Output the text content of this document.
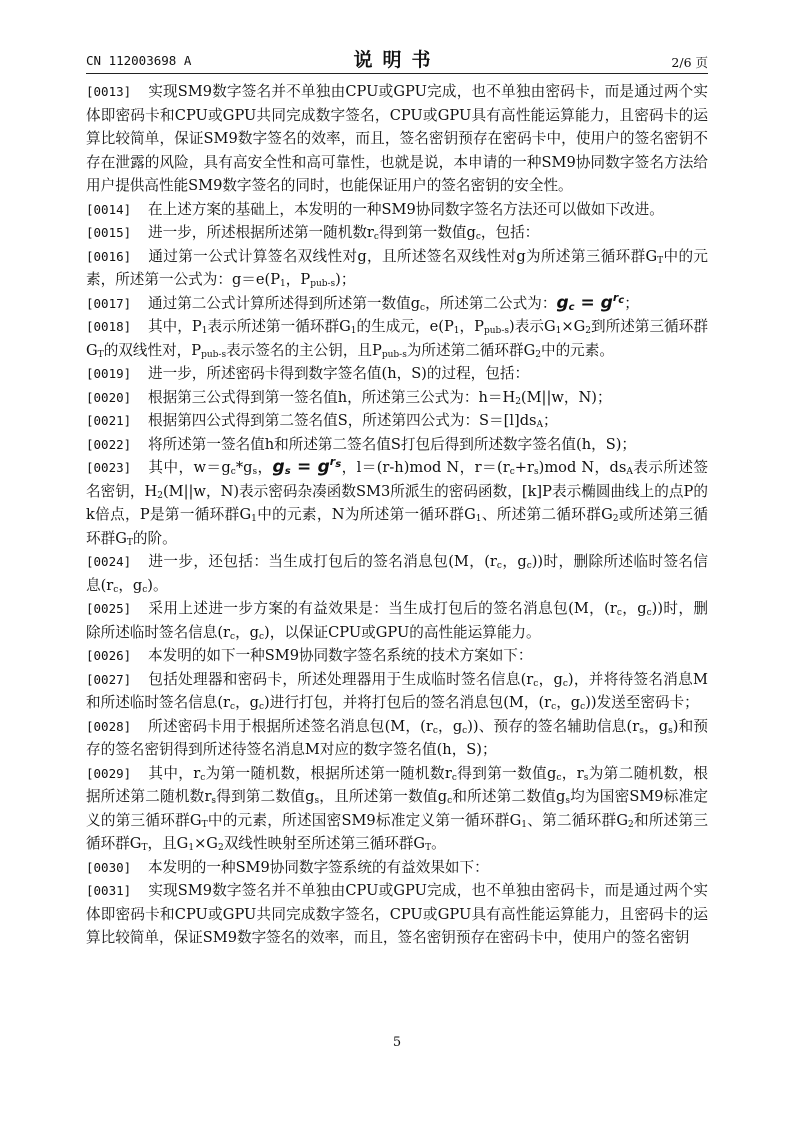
CN 112003698 A	说明书	2/6 页

[ 0013 ] 实现SM9数字签名并不单独由CPU或GPU完成，也不单独由密码卡，而是通过两个实体即密码卡和CPU或GPU共同完成数字签名，CPU或GPU具有高性能运算能力，且密码卡的运算比较简单，保证SM9数字签名的效率，而且，签名密钥预存在密码卡中，使用户的签名密钥不存在泄露的风险，具有高安全性和高可靠性，也就是说，本申请的一种SM9协同数字签名方法给用户提供高性能SM9数字签名的同时，也能保证用户的签名密钥的安全性。

[ 0014 ] 在上述方案的基础上，本发明的一种SM9协同数字签名方法还可以做如下改进。

[ 0015 ] 进一步，所述根据所述第一随机数$r_c$得到第一数值$g_c$，包括：

[ 0016 ] 通过第一公式计算签名双线性对g，且所述签名双线性对g为所述第三循环群$G_T$中的元素，所述第一公式为：$g=e(P_1$，$P_{pub-s}$)；

[ 0017 ] 通过第二公式计算所述得到所述第一数值$g_c$，所述第二公式为：$g_c = g^{r_c}$；

[ 0018 ] 其中，$P_1$表示所述第一循环群$G_1$的生成元，$e(P_1$，$P_{pub-s}$)表示$G_1\times G_2$到所述第三循环群$G_T$的双线性对，$P_{pub-s}$表示签名的主公钥，且$P_{pub-s}$为所述第二循环群$G_2$中的元素。

[ 0019 ] 进一步，所述密码卡得到数字签名值(h，S)的过程，包括：

[ 0020 ] 根据第三公式得到第一签名值h，所述第三公式为：$h=H_2(M||w$，N)；

[ 0021 ] 根据第四公式得到第二签名值S，所述第四公式为：$S=[l]ds_A$；

[ 0022 ] 将所述第一签名值h和所述第二签名值S打包后得到所述数字签名值(h，S)；

[ 0023 ] 其中，$w=g_c*g_s$，$g_s = g^{r_s}$，l＝(r-h)mod N，$r=(r_c+r_s)mod$ N，$ds_A$表示所述签名密钥，$H_2(M||w$，N)表示密码杂凑函数SM3所派生的密码函数，[k]P表示椭圆曲线上的点P的k倍点，P是第一循环群$G_1$中的元素，N为所述第一循环群$G_1$、所述第二循环群$G_2$或所述第三循环群$G_T$的阶。

[ 0024 ] 进一步，还包括：当生成打包后的签名消息包(M，($r_c$，$g_c$))时，删除所述临时签名信息($r_c$，$g_c$)。

[ 0025 ] 采用上述进一步方案的有益效果是：当生成打包后的签名消息包(M，($r_c$，$g_c$))时，删除所述临时签名信息($r_c$，$g_c$)，以保证CPU或GPU的高性能运算能力。

[ 0026 ] 本发明的如下一种SM9协同数字签名系统的技术方案如下：

[ 0027 ] 包括处理器和密码卡，所述处理器用于生成临时签名信息($r_c$，$g_c$)，并将待签名消息M和所述临时签名信息($r_c$，$g_c$)进行打包，并将打包后的签名消息包(M，($r_c$，$g_c$))发送至密码卡；

[ 0028 ] 所述密码卡用于根据所述签名消息包(M，($r_c$，$g_c$))、预存的签名辅助信息($r_s$，$g_s$)和预存的签名密钥得到所述待签名消息M对应的数字签名值(h，S)；

[ 0029 ] 其中，$r_c$为第一随机数，根据所述第一随机数$r_c$得到第一数值$g_c$，$r_s$为第二随机数，根据所述第二随机数$r_s$得到第二数值$g_s$，且所述第一数值$g_c$和所述第二数值$g_s$均为国密SM9标准定义的第三循环群$G_T$中的元素，所述国密SM9标准定义第一循环群$G_1$、第二循环群$G_2$和所述第三循环群$G_T$，且$G_1\times G_2$双线性映射至所述第三循环群$G_T$。

[ 0030 ] 本发明的一种SM9协同数字签系统的有益效果如下：

[ 0031 ] 实现SM9数字签名并不单独由CPU或GPU完成，也不单独由密码卡，而是通过两个实体即密码卡和CPU或GPU共同完成数字签名，CPU或GPU具有高性能运算能力，且密码卡的运算比较简单，保证SM9数字签名的效率，而且，签名密钥预存在密码卡中，使用户的签名密钥

5
